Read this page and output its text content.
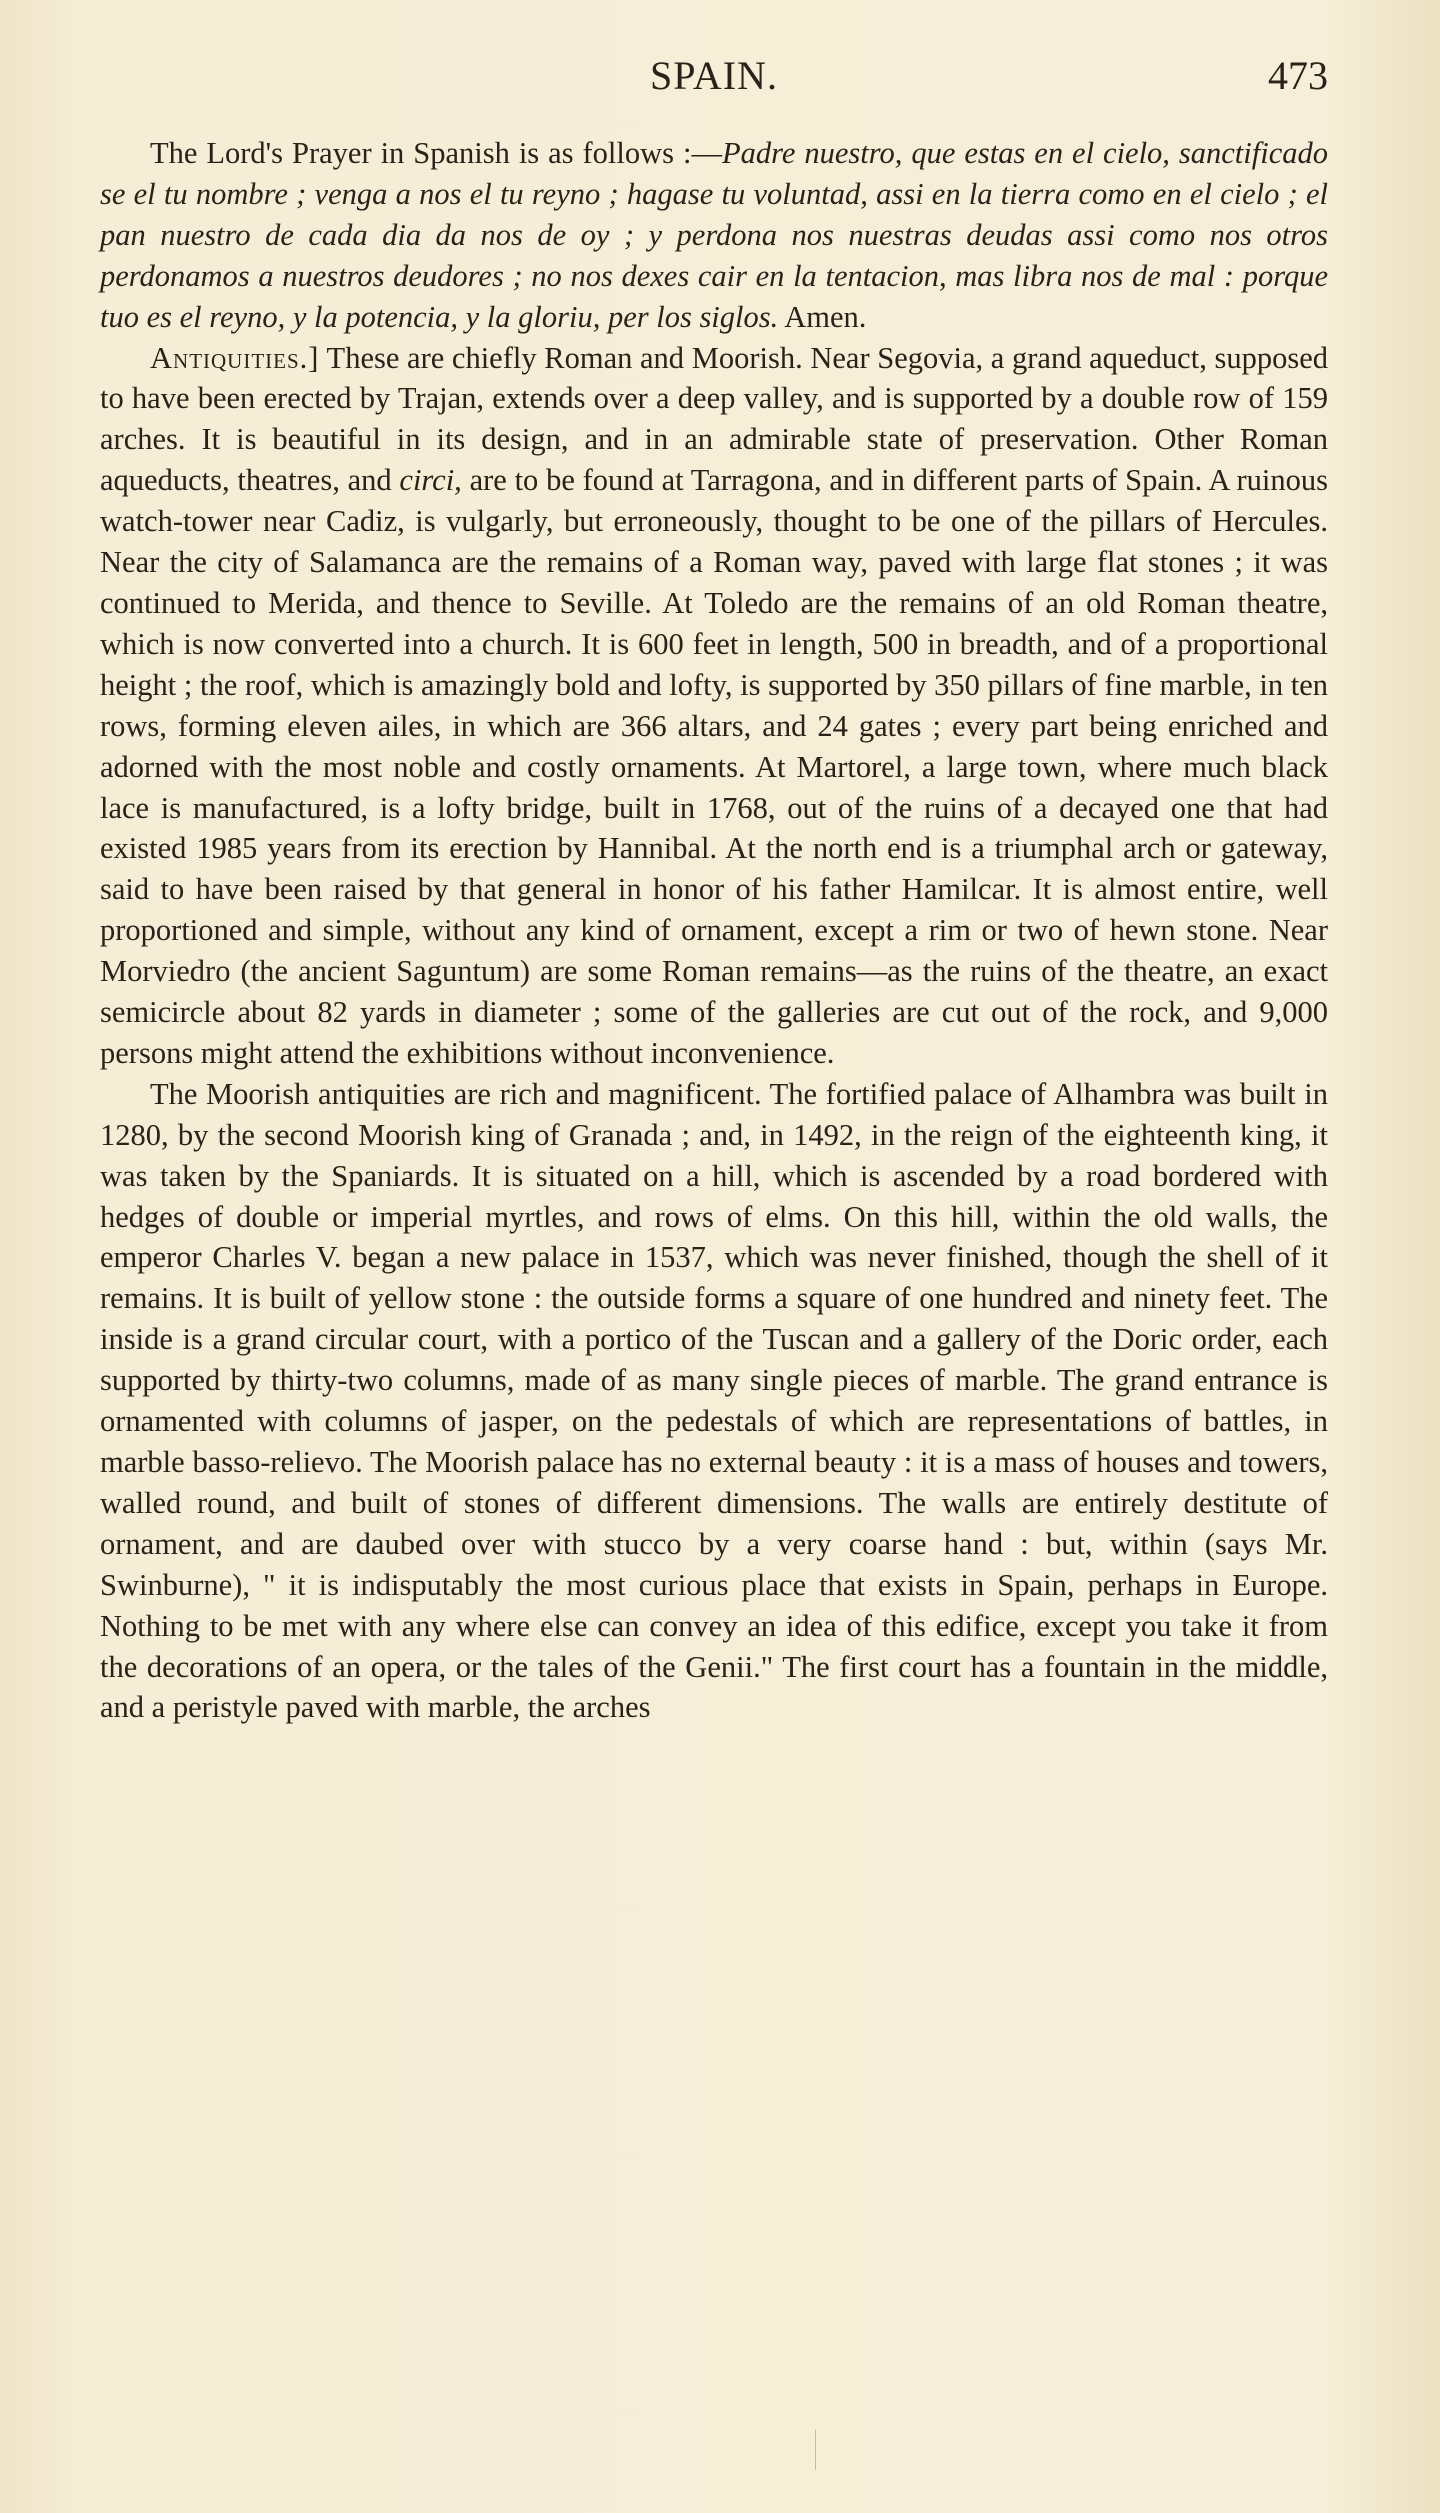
SPAIN.	473

The Lord's Prayer in Spanish is as follows :—Padre nuestro, que estas en el cielo, sanctificado se el tu nombre ; venga a nos el tu reyno ; hagase tu voluntad, assi en la tierra como en el cielo ; el pan nuestro de cada dia da nos de oy ; y perdona nos nuestras deudas assi como nos otros perdonamos a nuestros deudores ; no nos dexes cair en la tentacion, mas libra nos de mal : porque tuo es el reyno, y la potencia, y la gloriu, per los siglos. Amen.

Antiquities.] These are chiefly Roman and Moorish. Near Segovia, a grand aqueduct, supposed to have been erected by Trajan, extends over a deep valley, and is supported by a double row of 159 arches. It is beautiful in its design, and in an admirable state of preservation. Other Roman aqueducts, theatres, and circi, are to be found at Tarragona, and in different parts of Spain. A ruinous watch-tower near Cadiz, is vulgarly, but erroneously, thought to be one of the pillars of Hercules. Near the city of Salamanca are the remains of a Roman way, paved with large flat stones ; it was continued to Merida, and thence to Seville. At Toledo are the remains of an old Roman theatre, which is now converted into a church. It is 600 feet in length, 500 in breadth, and of a proportional height ; the roof, which is amazingly bold and lofty, is supported by 350 pillars of fine marble, in ten rows, forming eleven ailes, in which are 366 altars, and 24 gates ; every part being enriched and adorned with the most noble and costly ornaments. At Martorel, a large town, where much black lace is manufactured, is a lofty bridge, built in 1768, out of the ruins of a decayed one that had existed 1985 years from its erection by Hannibal. At the north end is a triumphal arch or gateway, said to have been raised by that general in honor of his father Hamilcar. It is almost entire, well proportioned and simple, without any kind of ornament, except a rim or two of hewn stone. Near Morviedro (the ancient Saguntum) are some Roman remains—as the ruins of the theatre, an exact semicircle about 82 yards in diameter ; some of the galleries are cut out of the rock, and 9,000 persons might attend the exhibitions without inconvenience.

The Moorish antiquities are rich and magnificent. The fortified palace of Alhambra was built in 1280, by the second Moorish king of Granada ; and, in 1492, in the reign of the eighteenth king, it was taken by the Spaniards. It is situated on a hill, which is ascended by a road bordered with hedges of double or imperial myrtles, and rows of elms. On this hill, within the old walls, the emperor Charles V. began a new palace in 1537, which was never finished, though the shell of it remains. It is built of yellow stone : the outside forms a square of one hundred and ninety feet. The inside is a grand circular court, with a portico of the Tuscan and a gallery of the Doric order, each supported by thirty-two columns, made of as many single pieces of marble. The grand entrance is ornamented with columns of jasper, on the pedestals of which are representations of battles, in marble basso-relievo. The Moorish palace has no external beauty : it is a mass of houses and towers, walled round, and built of stones of different dimensions. The walls are entirely destitute of ornament, and are daubed over with stucco by a very coarse hand : but, within (says Mr. Swinburne), " it is indisputably the most curious place that exists in Spain, perhaps in Europe. Nothing to be met with any where else can convey an idea of this edifice, except you take it from the decorations of an opera, or the tales of the Genii." The first court has a fountain in the middle, and a peristyle paved with marble, the arches
